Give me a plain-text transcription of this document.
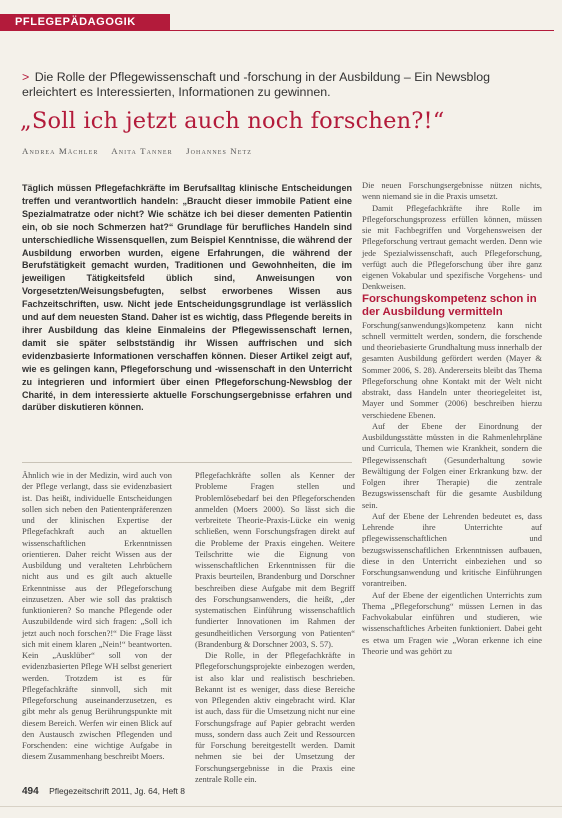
PFLEGEPÄDAGOGIK
> Die Rolle der Pflegewissenschaft und -forschung in der Ausbildung – Ein Newsblog erleichtert es Interessierten, Informationen zu gewinnen.
„Soll ich jetzt auch noch forschen?!“
Andrea Mächler Anita Tanner Johannes Netz
Täglich müssen Pflegefachkräfte im Berufsalltag klinische Entscheidungen treffen und verantwortlich handeln: „Braucht dieser immobile Patient eine Spezialmatratze oder nicht? Wie schätze ich bei dieser dementen Patientin ein, ob sie noch Schmerzen hat?“ Grundlage für berufliches Handeln sind unterschiedliche Wissensquellen, zum Beispiel Kenntnisse, die während der Ausbildung erworben wurden, eigene Erfahrungen, die während der Berufstätigkeit gemacht wurden, Traditionen und Gewohnheiten, die im jeweiligen Tätigkeitsfeld üblich sind, Anweisungen von Vorgesetzten/Weisungsbefugten, selbst erworbenes Wissen aus Fachzeitschriften, usw. Nicht jede Entscheidungsgrundlage ist verlässlich und auf dem neuesten Stand. Daher ist es wichtig, dass Pflegende bereits in ihrer Ausbildung das kleine Einmaleins der Pflegewissenschaft lernen, damit sie später selbstständig ihr Wissen auffrischen und sich evidenzbasierte Informationen verschaffen können. Dieser Artikel zeigt auf, wie es gelingen kann, Pflegeforschung und -wissenschaft in den Unterricht zu integrieren und informiert über einen Pflegeforschung-Newsblog der Charité, in dem interessierte aktuelle Forschungsergebnisse erfahren und darüber diskutieren können.

Ähnlich wie in der Medizin, wird auch von der Pflege verlangt, dass sie evidenzbasiert ist. Das heißt, individuelle Entscheidungen sollen sich neben den Patientenpräferenzen und der klinischen Expertise der Pflegefachkraft auch an aktuellen wissenschaftlichen Erkenntnissen orientieren. Daher reicht Wissen aus der Ausbildung und veralteten Lehrbüchern nicht aus und es gilt auch aktuelle Erkenntnisse aus der Pflegeforschung einzusetzen. Aber wie soll das praktisch funktionieren? So manche Pflegende oder Auszubildende wird sich fragen: „Soll ich jetzt auch noch forschen?!“ Die Frage lässt sich mit einem klaren „Nein!“ beantworten. Kein „Ausklüber“ soll von der evidenzbasierten Pflege WH selbst generiert werden. Trotzdem ist es für Pflegefachkräfte sinnvoll, sich mit Pflegeforschung auseinanderzusetzen, es gibt mehr als genug Berührungspunkte mit diesem Bereich. Werfen wir einen Blick auf den Austausch zwischen Pflegenden und Forschenden: eine wichtige Aufgabe in diesem Zusammenhang beschreibt Moers.

Pflegefachkräfte sollen als Kenner der Probleme Fragen stellen und Problemlösebedarf bei den Pflegeforschenden anmelden (Moers 2000). So lässt sich die verbreitete Theorie-Praxis-Lücke ein wenig schließen, wenn Forschungsfragen direkt auf die Probleme der Praxis eingehen. Weitere Teilschritte wie die Eignung von wissenschaftlichen Erkenntnissen für die Praxis beurteilen, Brandenburg und Dorschner beschreiben diese Aufgabe mit dem Begriff des Forschungsanwenders, die heißt, „der systematischen Einführung wissenschaftlich fundierter Innovationen im Rahmen der gesundheitlichen Versorgung von Patienten“ (Brandenburg & Dorschner 2003, S. 57).

Die Rolle, in der Pflegefachkräfte in Pflegeforschungsprojekte einbezogen werden, ist also klar und realistisch beschrieben. Bekannt ist es weniger, dass diese Bereiche von Pflegenden aktiv eingebracht wird. Klar ist auch, dass für die Umsetzung nicht nur eine Forschungsfrage auf Papier gebracht werden muss, sondern dass auch Zeit und Ressourcen für Forschung bereitgestellt werden. Damit nehmen sie bei der Umsetzung der Forschungsergebnisse in die Praxis eine zentrale Rolle ein.

Die neuen Forschungsergebnisse nützen nichts, wenn niemand sie in die Praxis umsetzt.

Damit Pflegefachkräfte ihre Rolle im Pflegeforschungsprozess erfüllen können, müssen sie mit Fachbegriffen und Vorgehensweisen der Pflegeforschung vertraut gemacht werden. Denn wie jede Spezialwissenschaft, auch Pflegeforschung, verfügt auch die Pflegeforschung über ihre ganz eigenen Vokabular und spezifische Vorgehens- und Denkweisen.

Forschungskompetenz schon in der Ausbildung vermitteln

Forschung(sanwendungs)kompetenz kann nicht schnell vermittelt werden, sondern, die forschende und theoriebasierte Grundhaltung muss innerhalb der gesamten Ausbildung gefördert werden (Mayer & Sommer 2006, S. 28). Andererseits bleibt das Thema Pflegeforschung ohne Kontakt mit der Welt nicht abstrakt, dass Handeln unter theoriegeleitet ist, Mayer und Sommer (2006) beschreiben hierzu verschiedene Ebenen.

Auf der Ebene der Einordnung der Ausbildungsstätte müssten in die Rahmenlehrpläne und Curricula, Themen wie Krankheit, sondern die Pflegewissenschaft (Gesunderhaltung sowie Bewältigung der Folgen einer Erkrankung bzw. der Folgen ihrer Therapie) die zentrale Bezugswissenschaft für die gesamte Ausbildung sein.

Auf der Ebene der Lehrenden bedeutet es, dass Lehrende ihre Unterrichte auf pflegewissenschaftlichen und bezugswissenschaftlichen Erkenntnissen aufbauen, diese in den Unterricht einbeziehen und so Forschungsanwendung und kritische Einführungen vorantreiben.

Auf der Ebene der eigentlichen Unterrichts zum Thema „Pflegeforschung“ müssen Lernen in das Fachvokabular einführen und studieren, wie wissenschaftliches Arbeiten funktioniert. Dabei geht es etwa um Fragen wie „Woran erkenne ich eine Theorie und was gehört zu

494 Pflegezeitschrift 2011, Jg. 64, Heft 8
